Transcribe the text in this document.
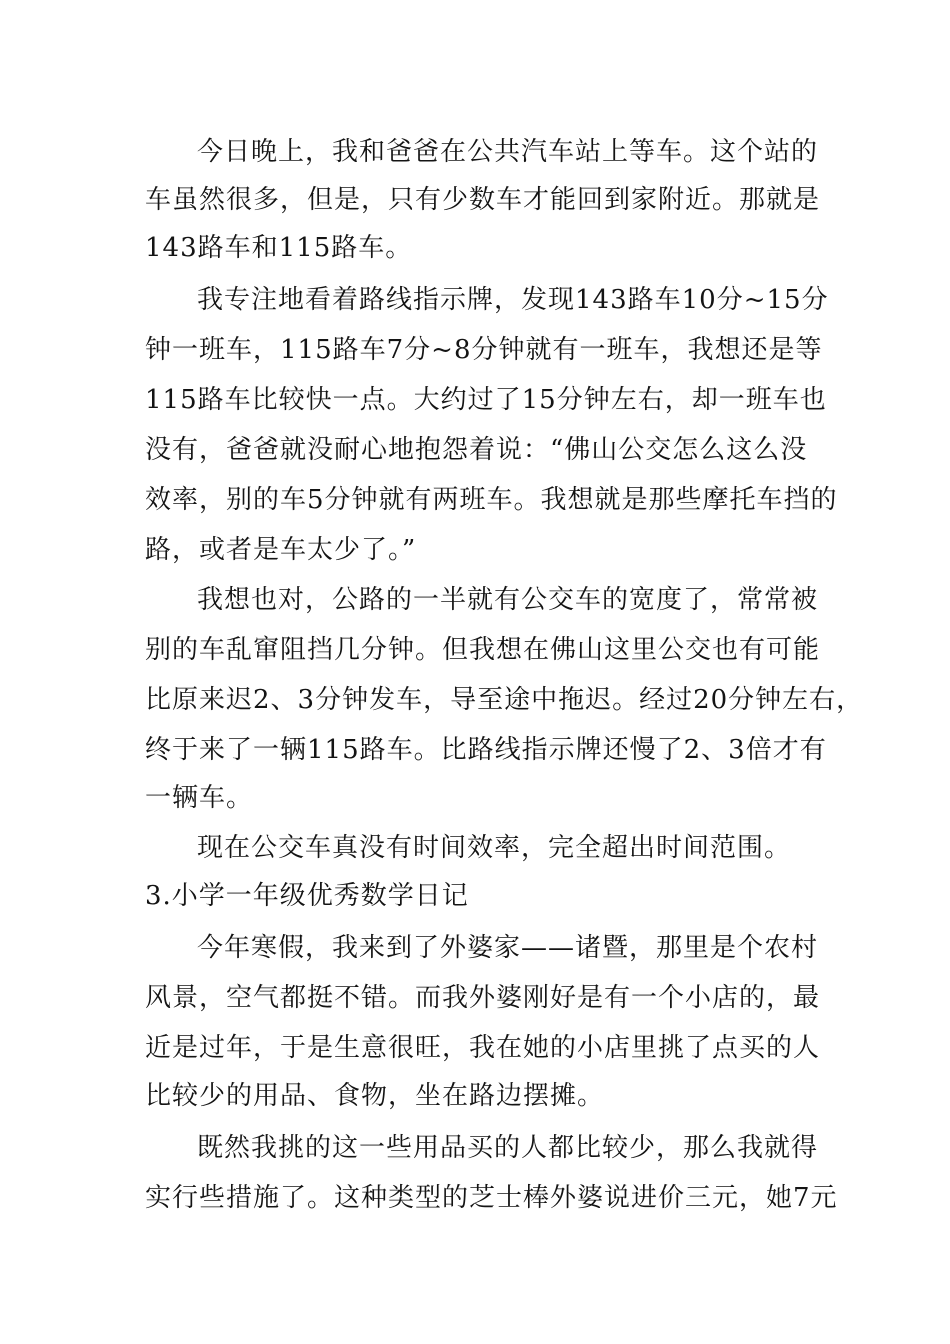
今日晚上，我和爸爸在公共汽车站上等车。这个站的
车虽然很多，但是，只有少数车才能回到家附近。那就是
143路车和115路车。
我专注地看着路线指示牌，发现143路车10分~15分
钟一班车，115路车7分~8分钟就有一班车，我想还是等
115路车比较快一点。大约过了15分钟左右，却一班车也
没有，爸爸就没耐心地抱怨着说：“佛山公交怎么这么没
效率，别的车5分钟就有两班车。我想就是那些摩托车挡的
路，或者是车太少了。”
我想也对，公路的一半就有公交车的宽度了，常常被
别的车乱窜阻挡几分钟。但我想在佛山这里公交也有可能
比原来迟2、3分钟发车，导至途中拖迟。经过20分钟左右，
终于来了一辆115路车。比路线指示牌还慢了2、3倍才有
一辆车。
现在公交车真没有时间效率，完全超出时间范围。
3.小学一年级优秀数学日记
今年寒假，我来到了外婆家——诸暨，那里是个农村
风景，空气都挺不错。而我外婆刚好是有一个小店的，最
近是过年，于是生意很旺，我在她的小店里挑了点买的人
比较少的用品、食物，坐在路边摆摊。
既然我挑的这一些用品买的人都比较少，那么我就得
实行些措施了。这种类型的芝士棒外婆说进价三元，她7元
